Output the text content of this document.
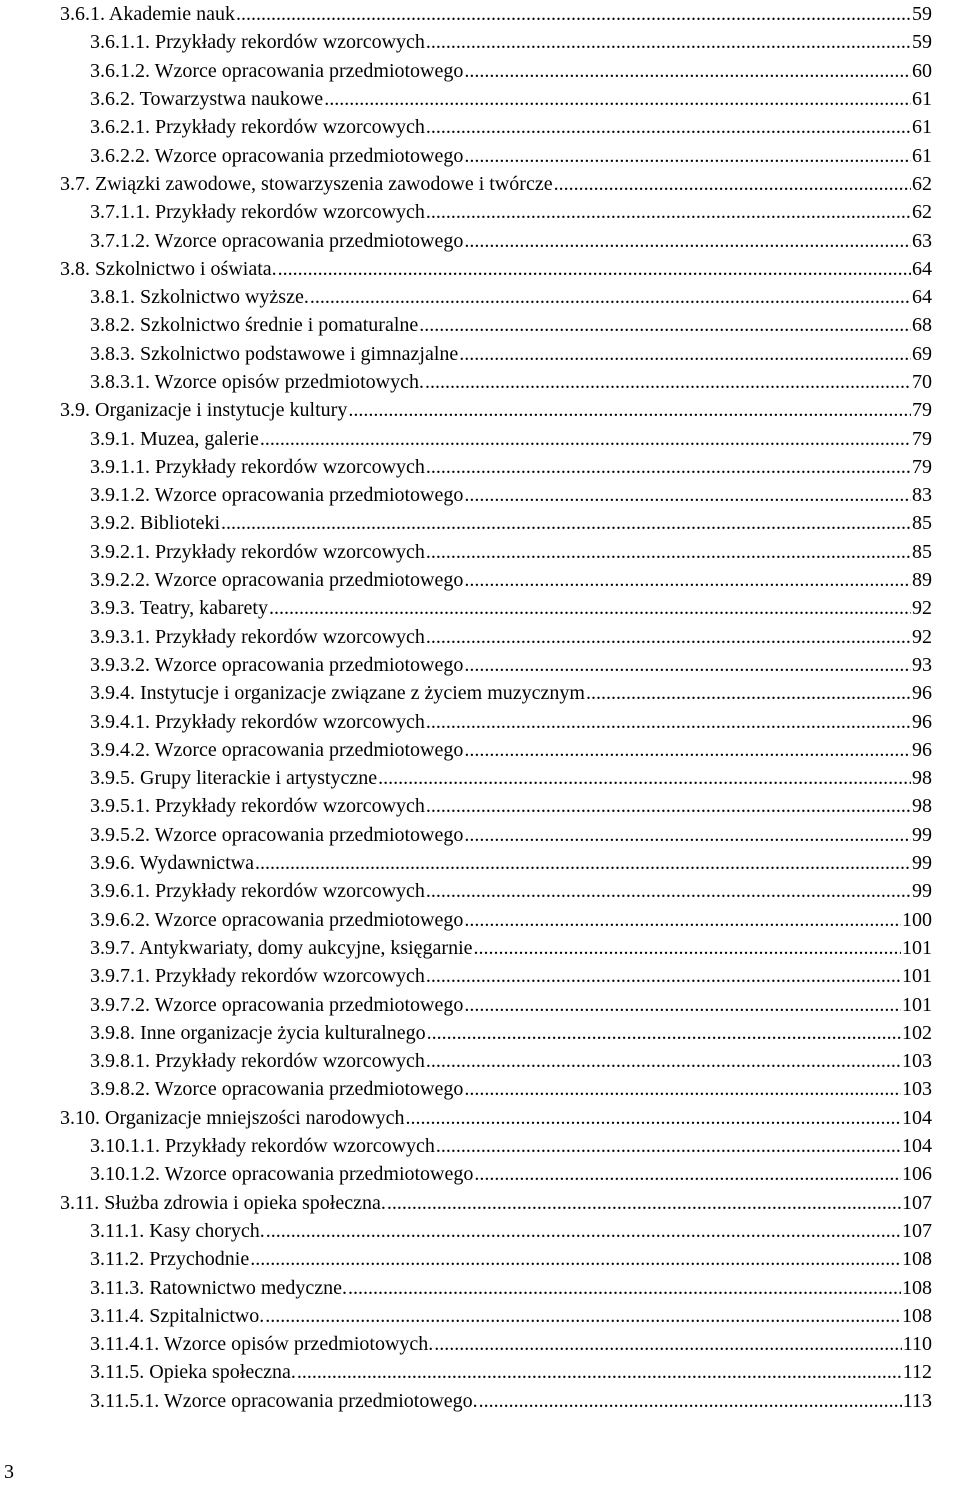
3.6.1. Akademie nauk .....	59
3.6.1.1. Przykłady rekordów wzorcowych .....	59
3.6.1.2. Wzorce opracowania przedmiotowego .....	60
3.6.2. Towarzystwa naukowe .....	61
3.6.2.1. Przykłady rekordów wzorcowych .....	61
3.6.2.2. Wzorce opracowania przedmiotowego .....	61
3.7. Związki zawodowe, stowarzyszenia zawodowe i twórcze .....	62
3.7.1.1. Przykłady rekordów wzorcowych .....	62
3.7.1.2. Wzorce opracowania przedmiotowego .....	63
3.8. Szkolnictwo i oświata. .....	64
3.8.1. Szkolnictwo wyższe. .....	64
3.8.2. Szkolnictwo średnie i pomaturalne .....	68
3.8.3. Szkolnictwo podstawowe i gimnazjalne .....	69
3.8.3.1. Wzorce opisów przedmiotowych. .....	70
3.9. Organizacje i instytucje kultury .....	79
3.9.1. Muzea, galerie .....	79
3.9.1.1. Przykłady rekordów wzorcowych .....	79
3.9.1.2. Wzorce opracowania przedmiotowego .....	83
3.9.2. Biblioteki .....	85
3.9.2.1. Przykłady rekordów wzorcowych .....	85
3.9.2.2. Wzorce opracowania przedmiotowego .....	89
3.9.3. Teatry, kabarety .....	92
3.9.3.1. Przykłady rekordów wzorcowych .....	92
3.9.3.2. Wzorce opracowania przedmiotowego .....	93
3.9.4. Instytucje i organizacje związane z życiem muzycznym .....	96
3.9.4.1. Przykłady rekordów wzorcowych .....	96
3.9.4.2. Wzorce opracowania przedmiotowego .....	96
3.9.5. Grupy literackie i artystyczne .....	98
3.9.5.1. Przykłady rekordów wzorcowych .....	98
3.9.5.2. Wzorce opracowania przedmiotowego .....	99
3.9.6. Wydawnictwa .....	99
3.9.6.1. Przykłady rekordów wzorcowych .....	99
3.9.6.2. Wzorce opracowania przedmiotowego .....	100
3.9.7. Antykwariaty, domy aukcyjne, księgarnie .....	101
3.9.7.1. Przykłady rekordów wzorcowych .....	101
3.9.7.2. Wzorce opracowania przedmiotowego .....	101
3.9.8. Inne organizacje życia kulturalnego .....	102
3.9.8.1. Przykłady rekordów wzorcowych .....	103
3.9.8.2. Wzorce opracowania przedmiotowego .....	103
3.10. Organizacje mniejszości narodowych .....	104
3.10.1.1. Przykłady rekordów wzorcowych .....	104
3.10.1.2. Wzorce opracowania przedmiotowego .....	106
3.11. Służba zdrowia i opieka społeczna. .....	107
3.11.1. Kasy chorych. .....	107
3.11.2. Przychodnie .....	108
3.11.3. Ratownictwo medyczne. .....	108
3.11.4. Szpitalnictwo. .....	108
3.11.4.1. Wzorce opisów przedmiotowych. .....	110
3.11.5. Opieka społeczna. .....	112
3.11.5.1. Wzorce opracowania przedmiotowego. .....	113
3
